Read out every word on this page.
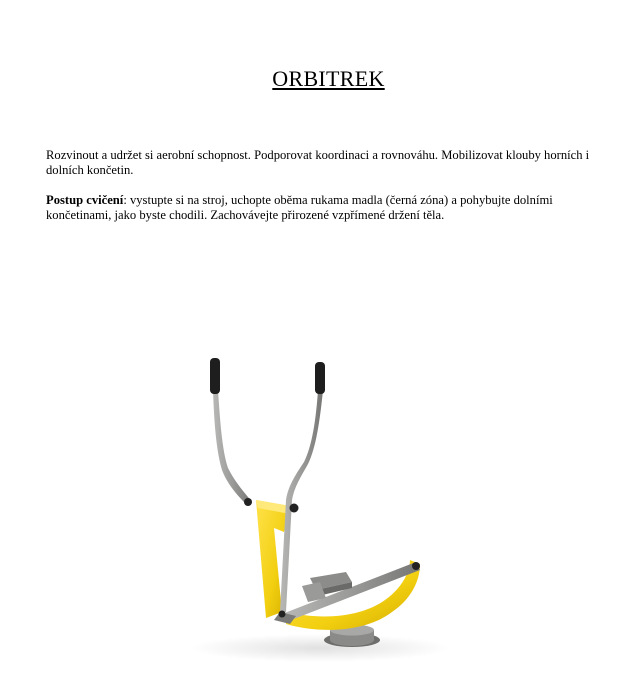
ORBITREK

Rozvinout a udržet si aerobní schopnost. Podporovat koordinaci a rovnováhu. Mobilizovat klouby horních i dolních končetin.

Postup cvičení: vystupte si na stroj, uchopte oběma rukama madla (černá zóna) a pohybujte dolními končetinami, jako byste chodili. Zachovávejte přirozené vzpřímené držení těla.
